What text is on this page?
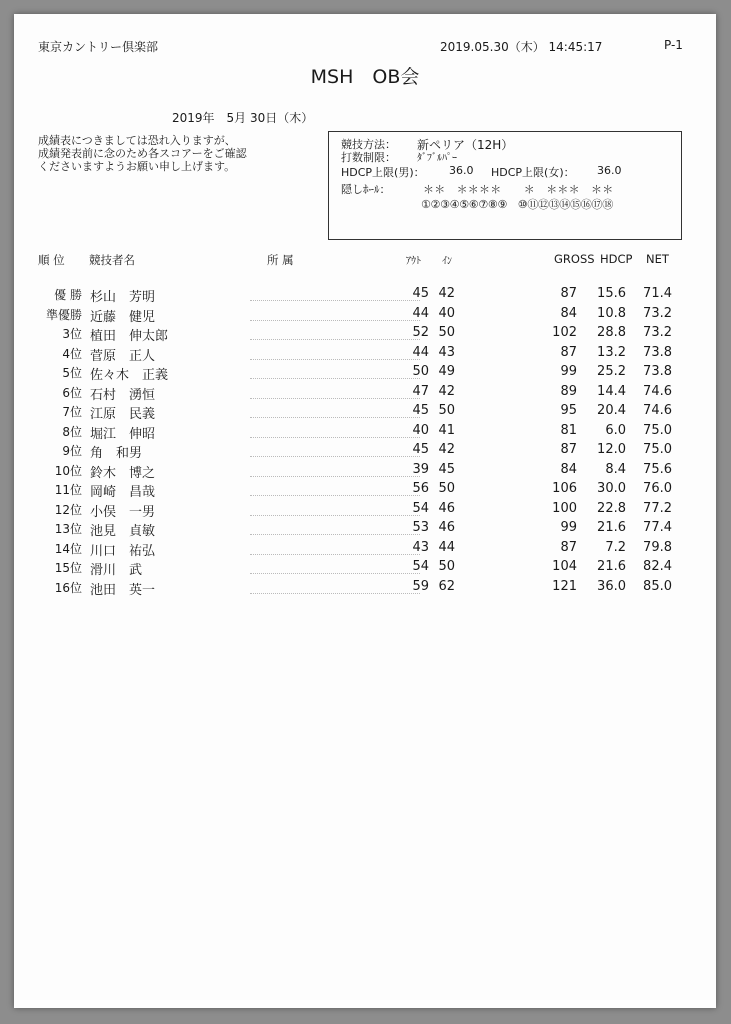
東京カントリー倶楽部	2019.05.30（木） 14:45:17	P-1
MSH　OB会
2019年　5月 30日（木）
成績表につきましては恐れ入りますが、
成績発表前に念のため各スコアーをご確認
くださいますようお願い申し上げます。
競技方法： 新ペリア（12H）
打数制限： ﾀﾞﾌﾞﾙﾊﾟｰ
HDCP上限(男)： 36.0 HDCP上限(女)： 36.0
隠しﾎｰﾙ：	＊＊　＊＊＊＊　　＊　＊＊＊　＊＊
①②③④⑤⑥⑦⑧⑨　⑩⑪⑫⑬⑭⑮⑯⑰⑱
順 位 競技者名	所 属	ｱｳﾄ ｲﾝ	GROSS HDCP NET
優 勝 杉山　芳明	45 42	87	15.6	71.4
準優勝 近藤　健児	44 40	84	10.8	73.2
3位 植田　伸太郎	52 50	102	28.8	73.2
4位 菅原　正人	44 43	87	13.2	73.8
5位 佐々木　正義	50 49	99	25.2	73.8
6位 石村　湧恒	47 42	89	14.4	74.6
7位 江原　民義	45 50	95	20.4	74.6
8位 堀江　伸昭	40 41	81	6.0	75.0
9位 角　和男	45 42	87	12.0	75.0
10位 鈴木　博之	39 45	84	8.4	75.6
11位 岡崎　昌哉	56 50	106	30.0	76.0
12位 小俣　一男	54 46	100	22.8	77.2
13位 池見　貞敏	53 46	99	21.6	77.4
14位 川口　祐弘	43 44	87	7.2	79.8
15位 滑川　武	54 50	104	21.6	82.4
16位 池田　英一	59 62	121	36.0	85.0
